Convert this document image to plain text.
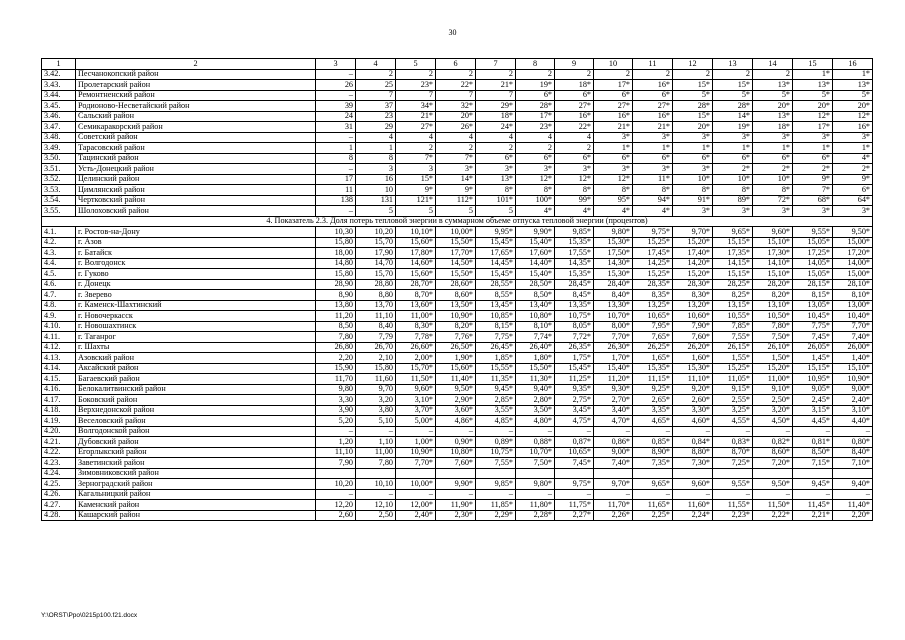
30
1	2	3	4	5	6	7	8	9	10	11	12	13	14	15	16
3.42.	Песчанокопский район	–	2	2	2	2	2	2	2	2	2	2	2	1*	1*
3.43.	Пролетарский район	26	25	23*	22*	21*	19*	18*	17*	16*	15*	15*	13*	13*	13*
3.44.	Ремонтненский район	–	7	7	7	7	6*	6*	6*	6*	5*	5*	5*	5*	5*
3.45.	Родионово-Несветайский район	39	37	34*	32*	29*	28*	27*	27*	27*	28*	28*	20*	20*	20*
3.46.	Сальский район	24	23	21*	20*	18*	17*	16*	16*	16*	15*	14*	13*	12*	12*
3.47.	Семикаракорский район	31	29	27*	26*	24*	23*	22*	21*	21*	20*	19*	18*	17*	16*
3.48.	Советский район	–	4	4	4	4	4	4	3*	3*	3*	3*	3*	3*	3*
3.49.	Тарасовский район	1	1	2	2	2	2	2	1*	1*	1*	1*	1*	1*	1*
3.50.	Тацинский район	8	8	7*	7*	6*	6*	6*	6*	6*	6*	6*	6*	6*	4*
3.51.	Усть-Донецкий район	–	3	3	3*	3*	3*	3*	3*	3*	3*	2*	2*	2*	2*
3.52.	Целинский район	17	16	15*	14*	13*	12*	12*	12*	11*	10*	10*	10*	9*	9*
3.53.	Цимлянский район	11	10	9*	9*	8*	8*	8*	8*	8*	8*	8*	8*	7*	6*
3.54.	Чертковский район	138	131	121*	112*	101*	100*	99*	95*	94*	91*	89*	72*	68*	64*
3.55.	Шолоховский район	–	5	5	5	5	4*	4*	4*	4*	3*	3*	3*	3*	3*
4. Показатель 2.3. Доля потерь тепловой энергии в суммарном объеме отпуска тепловой энергии (процентов)															
4.1.	г. Ростов-на-Дону	10,30	10,20	10,10*	10,00*	9,95*	9,90*	9,85*	9,80*	9,75*	9,70*	9,65*	9,60*	9,55*	9,50*
4.2.	г. Азов	15,80	15,70	15,60*	15,50*	15,45*	15,40*	15,35*	15,30*	15,25*	15,20*	15,15*	15,10*	15,05*	15,00*
4.3.	г. Батайск	18,00	17,90	17,80*	17,70*	17,65*	17,60*	17,55*	17,50*	17,45*	17,40*	17,35*	17,30*	17,25*	17,20*
4.4.	г. Волгодонск	14,80	14,70	14,60*	14,50*	14,45*	14,40*	14,35*	14,30*	14,25*	14,20*	14,15*	14,10*	14,05*	14,00*
4.5.	г. Гуково	15,80	15,70	15,60*	15,50*	15,45*	15,40*	15,35*	15,30*	15,25*	15,20*	15,15*	15,10*	15,05*	15,00*
4.6.	г. Донецк	28,90	28,80	28,70*	28,60*	28,55*	28,50*	28,45*	28,40*	28,35*	28,30*	28,25*	28,20*	28,15*	28,10*
4.7.	г. Зверево	8,90	8,80	8,70*	8,60*	8,55*	8,50*	8,45*	8,40*	8,35*	8,30*	8,25*	8,20*	8,15*	8,10*
4.8.	г. Каменск-Шахтинский	13,80	13,70	13,60*	13,50*	13,45*	13,40*	13,35*	13,30*	13,25*	13,20*	13,15*	13,10*	13,05*	13,00*
4.9.	г. Новочеркасск	11,20	11,10	11,00*	10,90*	10,85*	10,80*	10,75*	10,70*	10,65*	10,60*	10,55*	10,50*	10,45*	10,40*
4.10.	г. Новошахтинск	8,50	8,40	8,30*	8,20*	8,15*	8,10*	8,05*	8,00*	7,95*	7,90*	7,85*	7,80*	7,75*	7,70*
4.11.	г. Таганрог	7,80	7,79	7,78*	7,76*	7,75*	7,74*	7,72*	7,70*	7,65*	7,60*	7,55*	7,50*	7,45*	7,40*
4.12.	г. Шахты	26,80	26,70	26,60*	26,50*	26,45*	26,40*	26,35*	26,30*	26,25*	26,20*	26,15*	26,10*	26,05*	26,00*
4.13.	Азовский район	2,20	2,10	2,00*	1,90*	1,85*	1,80*	1,75*	1,70*	1,65*	1,60*	1,55*	1,50*	1,45*	1,40*
4.14.	Аксайский район	15,90	15,80	15,70*	15,60*	15,55*	15,50*	15,45*	15,40*	15,35*	15,30*	15,25*	15,20*	15,15*	15,10*
4.15.	Багаевский район	11,70	11,60	11,50*	11,40*	11,35*	11,30*	11,25*	11,20*	11,15*	11,10*	11,05*	11,00*	10,95*	10,90*
4.16.	Белокалитвинский район	9,80	9,70	9,60*	9,50*	9,45*	9,40*	9,35*	9,30*	9,25*	9,20*	9,15*	9,10*	9,05*	9,00*
4.17.	Боковский район	3,30	3,20	3,10*	2,90*	2,85*	2,80*	2,75*	2,70*	2,65*	2,60*	2,55*	2,50*	2,45*	2,40*
4.18.	Верхнедонской район	3,90	3,80	3,70*	3,60*	3,55*	3,50*	3,45*	3,40*	3,35*	3,30*	3,25*	3,20*	3,15*	3,10*
4.19.	Веселовский район	5,20	5,10	5,00*	4,86*	4,85*	4,80*	4,75*	4,70*	4,65*	4,60*	4,55*	4,50*	4,45*	4,40*
4.20.	Волгодонской район	–	–	–	–	–	–	–	–	–	–	–	–	–	–
4.21.	Дубовский район	1,20	1,10	1,00*	0,90*	0,89*	0,88*	0,87*	0,86*	0,85*	0,84*	0,83*	0,82*	0,81*	0,80*
4.22.	Егорлыкский район	11,10	11,00	10,90*	10,80*	10,75*	10,70*	10,65*	9,00*	8,90*	8,80*	8,70*	8,60*	8,50*	8,40*
4.23.	Заветинский район	7,90	7,80	7,70*	7,60*	7,55*	7,50*	7,45*	7,40*	7,35*	7,30*	7,25*	7,20*	7,15*	7,10*
4.24.	Зимовниковский район														
4.25.	Зерноградский район	10,20	10,10	10,00*	9,90*	9,85*	9,80*	9,75*	9,70*	9,65*	9,60*	9,55*	9,50*	9,45*	9,40*
4.26.	Кагальницкий район	–	–	–	–	–	–	–	–	–	–	–	–	–	–
4.27.	Каменский район	12,20	12,10	12,00*	11,90*	11,85*	11,80*	11,75*	11,70*	11,65*	11,60*	11,55*	11,50*	11,45*	11,40*
4.28.	Кашарский район	2,60	2,50	2,40*	2,30*	2,29*	2,28*	2,27*	2,26*	2,25*	2,24*	2,23*	2,22*	2,21*	2,20*
Y:\ORST\Ppo\0215p100.f21.docx
